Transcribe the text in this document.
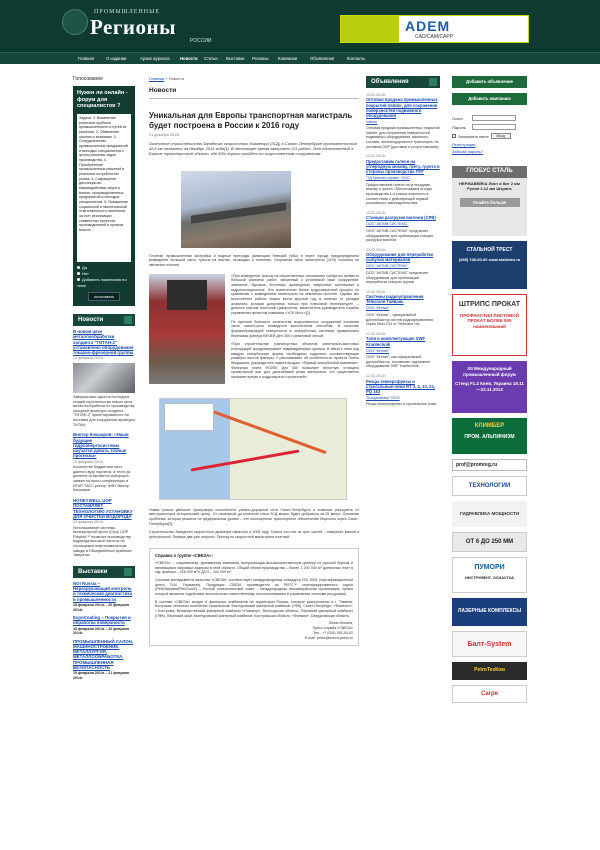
ПРОМЫШЛЕННЫЕ
Регионы
РОССИИ
ADEM
CAD/CAM/CAPP
Главная	О издании	Архив журнала Новости Статьи Выставки Регионы Компании	Объявления	Контакты
Голосование
Нужен ли онлайн - форум для специалистов ?
Задачи: 1. Выявление реальных проблем промышленности и путей их решения. 2. Обменение опытом и знаниями. 3. Сотрудничество промышленных предприятий и молодых специалистов с целью решения задач производства. 4. Приобретение промышленных решений в реальных потребностях рынка. 4. Сокращение дистанции во взаимодействии науки и власти, производственных предприятий и молодых специалистов. 5. Повышение социальной и экологической ответственности населения за счет реализации совместных проектов производителей и органов власти.
Да
Нет
Добавить пожелания по теме
голосовать
Новости
В новом цехе металлообработки холдинга "ТИТАН-2" установлено оборудование токарно-фрезерной группы
14 февраля 2014г.
Завершилась одна из последних стадий строительства нового цеха металлообработки по производству запорной арматуры холдинга "ТИТАН-2" ориентированного на поставки для сооружения арматуры ТИТАН.
Виктор Кокшаров: «Наши будущие гидроэнергосистемы научатся давать точные прогнозы»
14 февраля 2014г.
Количество бюджетных мест данного вузу научится, а тесть за деление остановится сибирской, заявил на пресс-конференции в ИТАР-ТАСС ректор УрФУ Виктор Кокшаров
HONEYWELL UOP ПОСТАВЛЯЕТ ТЕХНОЛОГИЮ УСТАНОВКУ ДЛЯ ОЧИСТКИ ВОДОРОДА
14 февраля 2014г.
Использование системы молекулярной аргон (Cryo) UOP Polybed™ позволит производству водорода высокой чистоты на строящемся нефтехимическом заводе в Объединенных Арабских Эмиратах
Выставки
NOI Russia – Неразрушающий контроль и техническая диагностика в промышленности
18 февраля 2014г. - 20 февраля 2014г.
ExpoCoating – Покрытия и обработка поверхности
18 февраля 2014г. - 20 февраля 2014г.
ПРОМЫШЛЕННЫЙ САЛОН. МАШИНОСТРОЕНИЕ. МЕТАЛЛУРГИЯ. МЕТАЛЛООБРАБОТКА. ПРОМЫШЛЕННАЯ БЕЗОПАСНОСТЬ
19 февраля 2014г. - 21 февраля 2014г.
Главная » Новости
Новости
Уникальная для Европы транспортная магистраль будет построена в России к 2016 году
21 декабря 2013г.
Окончание строительства Западного скоростного диаметра (ЗСД) в Санкт-Петербурге протяженностью 46,6 км назначено на декабрь 2016 года[1]. В настоящее время завершено 2/3 работ. Это единственный в Европе транспортный объект, где 50% дороги пройдет по искусственным сооружениям.
Плотная промышленная застройка и водные преграды (акватория Невской губы) в черте города предопределили возведение большей части трассы на мостах, эстакадах и тоннелях. Островная часть магистрали (41%) строится на эвенении полотне.
«При возведении трассы на искусственных основаниях требуется провести большой комплекс работ, связанный с установкой сваи сооружений: земляные, буровые, бетонные, арматурные, сварочные, монтажные и гидроизоляционные. Это значительно более трудозатратный процесс по сравнению с возведением магистрали на земляном полотне. Однако мы многолетние работы можно вести круглый год, в отличие от укладки асфальта, которая допустима только при плюсовой температуре», – делится опытом Анатолий Цикороонов, заместитель руководителя службы управления проектом компании «УСК Мост»[2].
По причине большого количества искусственных сооружений основная часть магистрали возводится монолитным способом. В качестве формообразующей поверхности в опалубочных системах применялась березовая фанера ВЕЧЕЙ Ден 350 с резиновой сеткой.
«При строительстве транспортных объектов капитально-мостовых конструкций предусматривает индивидуальные кусочки. В связи с этим под каждую опалубочную форму необходимо подгонять соответствующие размеры листов фанеры, » рассказывает об особенностях проекта Олесь Кикушкина, руководитель отдела продаж. «Первой опалубочной компании». Фанерная плита ФОЛКЕ Дек 350 позволяет вплотную отчищать прозвольный шаг для дальнейшей резки материала, что существенно экономит время и трудозатраты строителей».
Новая трасса увеличит пропускную способность улично-дорожной сети Санкт-Петербурга и позволит разгрузить от автотранспорта исторический центр. От начальной до конечной точки ЗСД можно будет добраться за 25 минут. Основная проблема, которая решится на федеральном уровне – это полноценное транспортное обеспечение Морского порта Санкт-Петербурга[3].
Строительство Западного скоростного диаметра началось в 2005 году. Трасса состоит из трех частей – северной, южной и центральной. Первые две уже открыты. Проезд по скоростной магистрали платный.
Справка о группе «СВЕЗА»:
«СВЕЗА» – современная, динамичная компания, выпускающая высококачественную фанеру из русской березы и являющаяся мировым лидером в этой области. Общий объем производства – более 1 200 000 м³ древесных плит в год: фанеры – 928 000 м³ и ДСП – 100 000 м³.
Система менеджмента качества «СВЕЗА» соответствует международному стандарту ISO 9001 (сертификационный центр TUV, Германия). Продукция СВЕЗА производится из PEFC™ сертифицированного сырья (PefcStandard/PefcGuid2) – Лесной попечительский совет – международная некоммерческая организация, целью которой является содействие экологически ответственному лесопользованию и управлению лесными ресурсами).
В составе «СВЕЗА» входят 6 фанерных комбинатов на территории России, которые расположены в г. Тюмени, Кострома; сельском поселении Уршельском: Мантуровский фанерный комбинат (УФК), Санкт-Петербург; «Фанплит», г. Кострома; Великоустюгский фанерный комбинат «Новатор», Вологодская область; Пермский фанерный комбинат (ПФК), Пермский край; Мантуровский фанерный комбинат, Костромская область; «Фанком», Свердловская область.
Юлия Ильина,
Пресс-служба «СВЕЗА»
Тел.: +7 (926) 493-00-02
E-mail: press@sveza-press.ru
Объявления
19.02.2014г.
Оптовая продажа промышленных покрытий Vabdor, для сохранения поверхностей подвижного оборудования
Vabdor
Оптовая продажа промышленных покрытий Vabdor, для сохранения поверхностей подвижного оборудования, вагонного состава, железнодорожного транспорта, на условиях DDP (доставка и услуги таможни).
14.02.2014г.
Предоставим галеон на углеродную мохову, грету, грунта в стороны производства ППГ
"ТД Кристал-сервис" ООО
Предоставляем галеон на углеродную мохову и грунта. Обеспечиваем отходы производства 1-4 класса опасности в соответствии с действующей нормой российского законодательства.
13.02.2014г.
Станции разгрузки вагонов (СРВ)
ООО "АКТИВ СИСТЕМС"
ООО "АКТИВ СИСТЕМС" предлагает оборудование для организации станции разгрузки вагонов.
13.02.2014г.
Оборудование для переработки сыпучих материалов
ООО "АКТИВ СИСТЕМС"
ООО "АКТИВ СИСТЕМС" предлагает оборудование для организации переработки сыпучих грузов.
12.02.2014г.
Системы радиоуправления Telecrane Тайвань
ООО "Кенган"
ООО "Кенган" - официальный дистрибьютор систем радиоуправления серии Siker F24 от Telecrane Ltd.
12.02.2014г.
Тали и комплектующие SWF Krantechnik
ООО "Кенган"
ООО "Кенган", как официальный дистрибьютор, поставляет подъемное оборудование SWF Krantechnik.
12.02.2014г.
Резцы зенкерофрезы и строгальные ножи RT 3, 2, 10, 22, PQ 163
"Колдэнайзер" ООО
Резцы зенкерофрезы и строгальные ножи.
Добавить объявление
Добавить компанию
Логин
Пароль
Запомнить меня	Вход
Регистрация
Забыли пароль?
ГЛОБУС СТАЛЬ
НЕРЖАВЕЙКА Лист и бит 2 мм Рулон 2,12 мм Штрипс
Узнайте больше
СТАЛЬНОЙ ТРЕСТ
(495) 745-00-00 www.stalintex.ru
ШТРИПС ПРОКАТ
ПРОФНАСТИЛ ЛИСТОВОЙ ПРОКАТ БОЛЕЕ 500 наименований
XII Международный промышленный форум
Стенд F1.2 Киев, Украина 19.11—22.11.2013
КЛИМБЕР
ПРОМ. АЛЬПИНИЗМ
prof@promreg.ru
ТЕХНОЛОГИИ
ГИДРАВЛИКА МОЩНОСТИ
ОТ 6 ДО 250 ММ
ПУМОРИ
ИНСТРУМЕНТ, ОСНАСТКА
ЛАЗЕРНЫЕ КОМПЛЕКСЫ
Балт-System
PetroТехКом
Carpe
